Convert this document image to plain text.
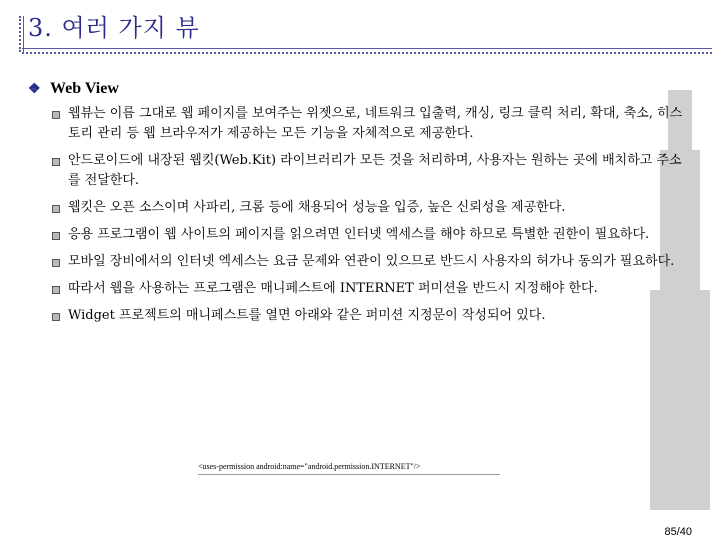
3. 여러 가지 뷰
❖ Web View
웹뷰는 이름 그대로 웹 페이지를 보여주는 위젯으로, 네트워크 입출력, 캐싱, 링크 클릭 처리, 확대, 축소, 히스토리 관리 등 웹 브라우저가 제공하는 모든 기능을 자체적으로 제공한다.
안드로이드에 내장된 웹킷(Web.Kit) 라이브러리가 모든 것을 처리하며, 사용자는 원하는 곳에 배치하고 주소를 전달한다.
웹킷은 오픈 소스이며 사파리, 크롬 등에 채용되어 성능을 입증, 높은 신뢰성을 제공한다.
응용 프로그램이 웹 사이트의 페이지를 읽으려면 인터넷 엑세스를 해야 하므로 특별한 권한이 필요하다.
모바일 장비에서의 인터넷 엑세스는 요금 문제와 연관이 있으므로 반드시 사용자의 허가나 동의가 필요하다.
따라서 웹을 사용하는 프로그램은 매니페스트에 INTERNET 퍼미션을 반드시 지정해야 한다.
Widget 프로젝트의 매니페스트를 열면 아래와 같은 퍼미션 지정문이 작성되어 있다.
<uses-permission android:name="android.permission.INTERNET"/>
85/40
